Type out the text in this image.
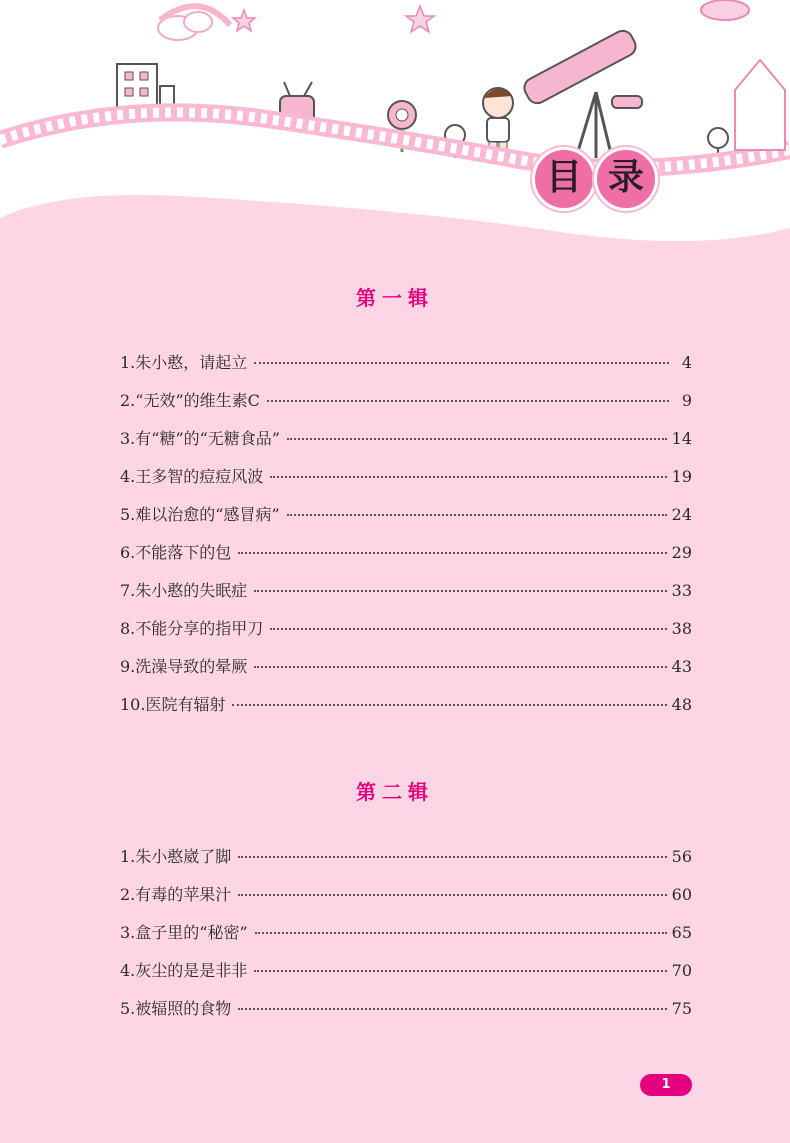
目 录
第一辑
1.朱小憨，请起立	4
2.“无效”的维生素C	9
3.有“糖”的“无糖食品”	14
4.王多智的痘痘风波	19
5.难以治愈的“感冒病”	24
6.不能落下的包	29
7.朱小憨的失眠症	33
8.不能分享的指甲刀	38
9.洗澡导致的晕厥	43
10.医院有辐射	48
第二辑
1.朱小憨崴了脚	56
2.有毒的苹果汁	60
3.盒子里的“秘密”	65
4.灰尘的是是非非	70
5.被辐照的食物	75
1
